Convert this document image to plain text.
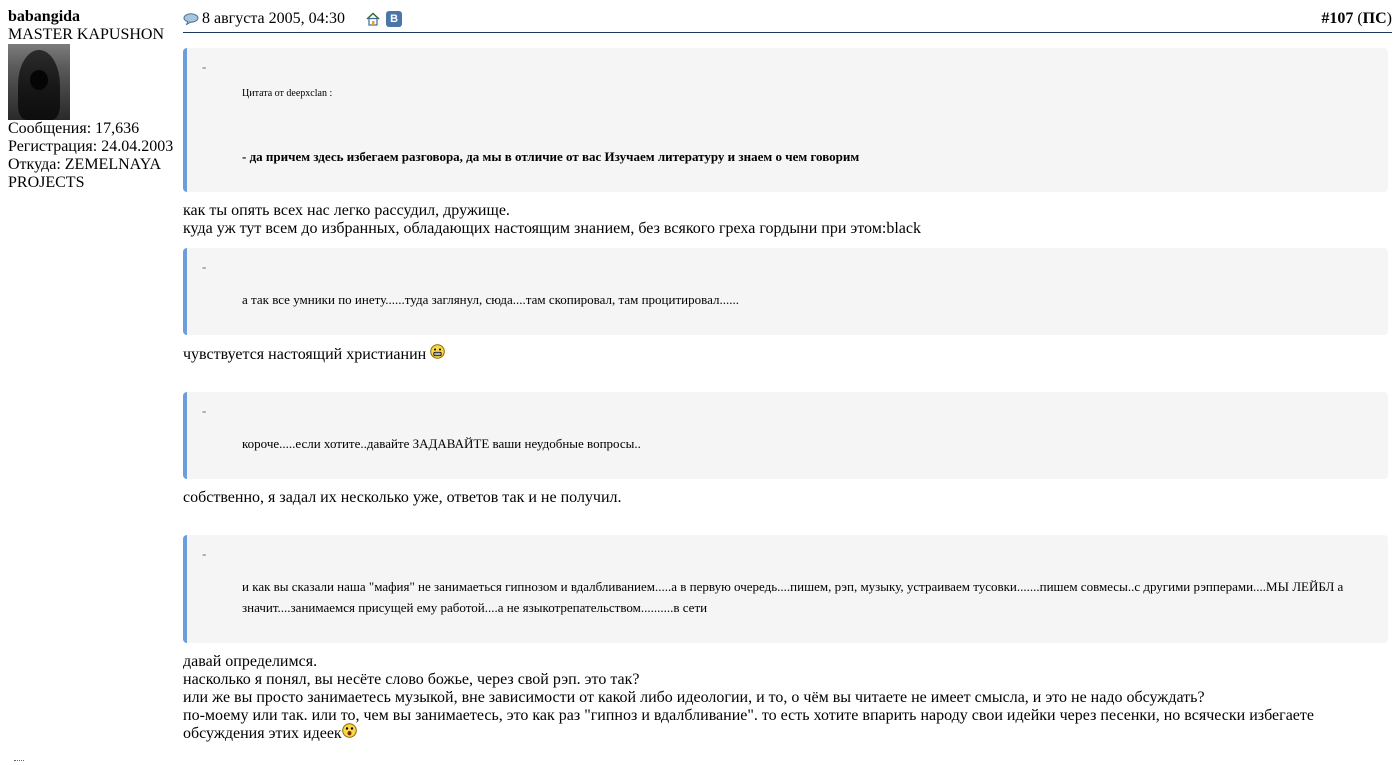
babangida
MASTER KAPUSHON
Сообщения: 17,636
Регистрация: 24.04.2003
Откуда: ZEMELNAYA PROJECTS
8 августа 2005, 04:30	B	#107 (ПС)
-
Цитата от deepxclan :
- да причем здесь избегаем разговора, да мы в отличие от вас Изучаем литературу и знаем о чем говорим
как ты опять всех нас легко рассудил, дружище.
куда уж тут всем до избранных, обладающих настоящим знанием, без всякого греха гордыни при этом:black
-
а так все умники по инету......туда заглянул, сюда....там скопировал, там процитировал......
чувствуется настоящий христианин
-
короче.....если хотите..давайте ЗАДАВАЙТЕ ваши неудобные вопросы..
собственно, я задал их несколько уже, ответов так и не получил.
-
и как вы сказали наша "мафия" не занимаеться гипнозом и вдалбливанием.....а в первую очередь....пишем, рэп, музыку, устраиваем тусовки.......пишем совмесы..с другими рэпперами....МЫ ЛЕЙБЛ а значит....занимаемся присущей ему работой....а не языкотрепательством..........в сети
давай определимся.
насколько я понял, вы несёте слово божье, через свой рэп. это так?
или же вы просто занимаетесь музыкой, вне зависимости от какой либо идеологии, и то, о чём вы читаете не имеет смысла, и это не надо обсуждать?
по-моему или так. или то, чем вы занимаетесь, это как раз "гипноз и вдалбливание". то есть хотите впарить народу свои идейки через песенки, но всячески избегаете обсуждения этих идеек
